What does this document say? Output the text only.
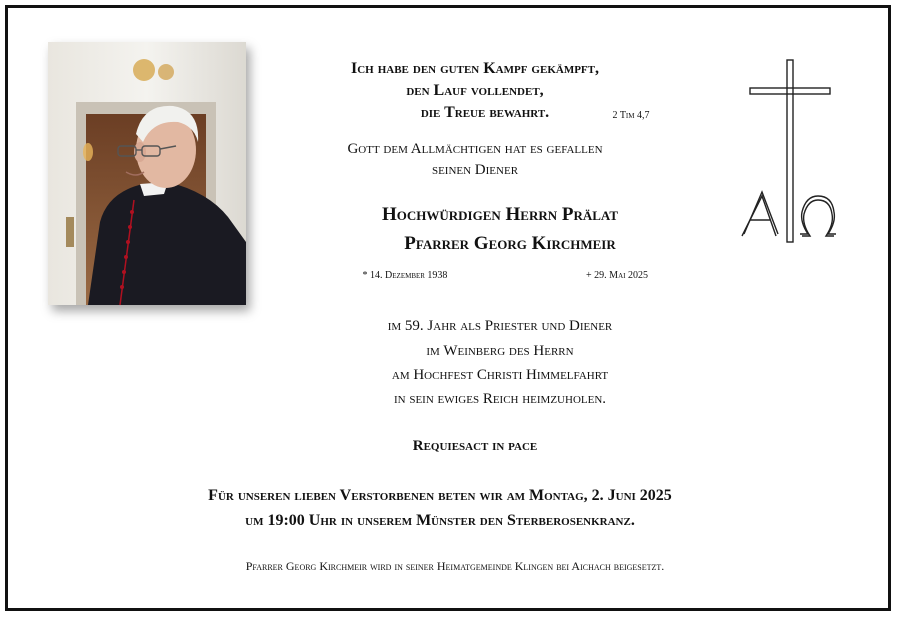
Ich habe den guten Kampf gekämpft,
den Lauf vollendet,
die Treue bewahrt.	2 Tim 4,7
Gott dem Allmächtigen hat es gefallen
seinen Diener
Hochwürdigen Herrn Prälat
Pfarrer Georg Kirchmeir
* 14. Dezember 1938	+ 29. Mai 2025
im 59. Jahr als Priester und Diener
im Weinberg des Herrn
am Hochfest Christi Himmelfahrt
in sein ewiges Reich heimzuholen.
Requiesact in pace
Für unseren lieben Verstorbenen beten wir am Montag, 2. Juni 2025
um 19:00 Uhr in unserem Münster den Sterberosenkranz.
Pfarrer Georg Kirchmeir wird in seiner Heimatgemeinde Klingen bei Aichach beigesetzt.
